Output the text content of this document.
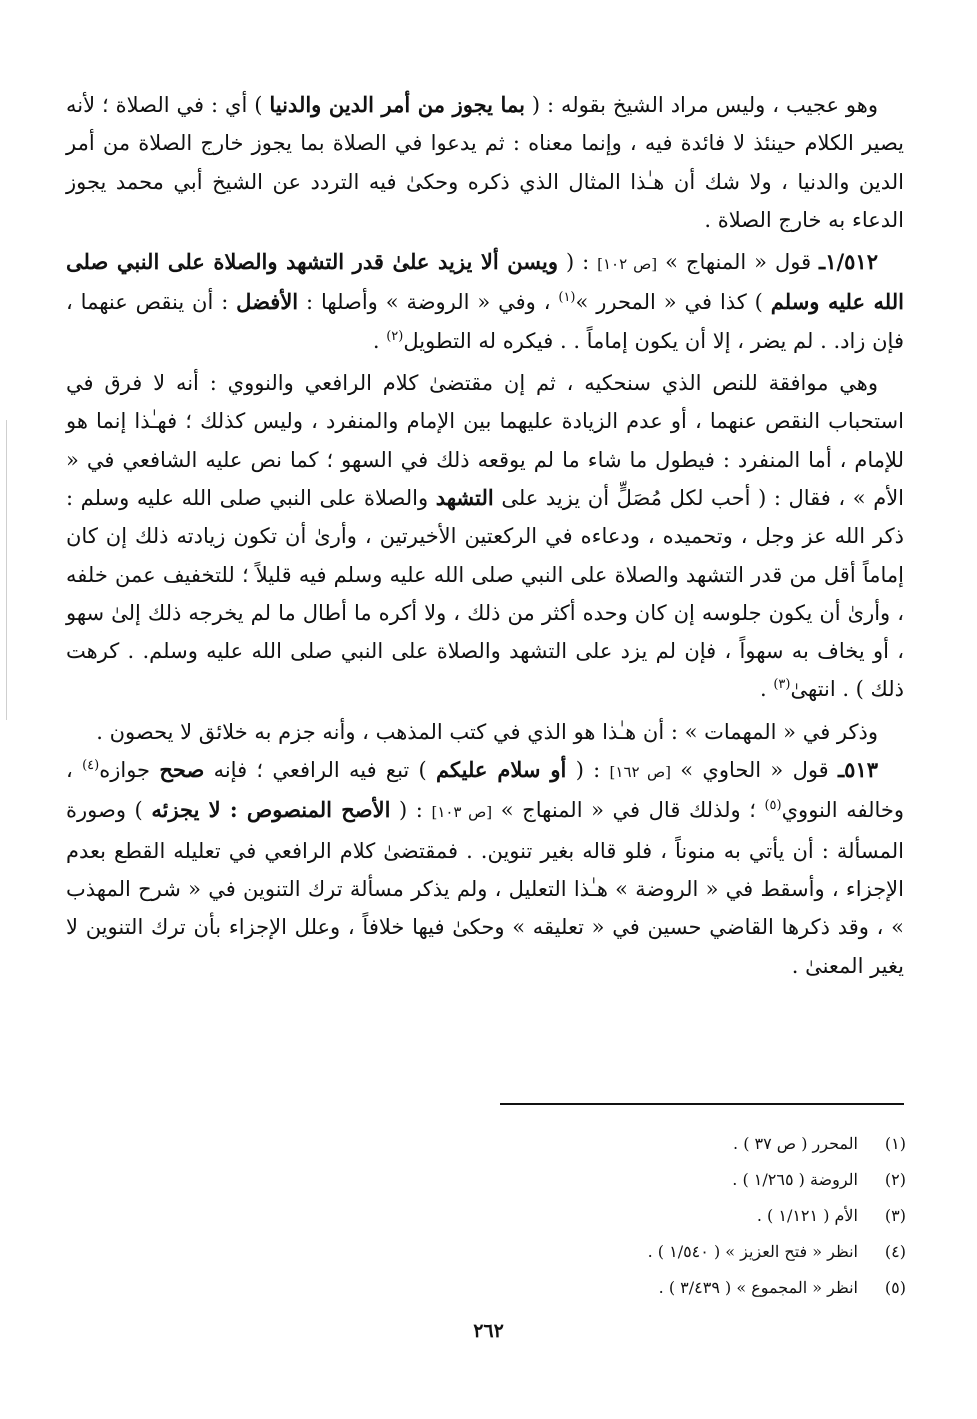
وهو عجيب ، وليس مراد الشيخ بقوله : ( بما يجوز من أمر الدين والدنيا ) أي : في الصلاة ؛ لأنه يصير الكلام حينئذ لا فائدة فيه ، وإنما معناه : ثم يدعوا في الصلاة بما يجوز خارج الصلاة من أمر الدين والدنيا ، ولا شك أن هـٰذا المثال الذي ذكره وحكىٰ فيه التردد عن الشيخ أبي محمد يجوز الدعاء به خارج الصلاة .

١/٥١٢ـ قول « المنهاج » [ص ١٠٢] : ( ويسن ألا يزيد علىٰ قدر التشهد والصلاة على النبي صلى الله عليه وسلم ) كذا في « المحرر »$^{(١)}$ ، وفي « الروضة » وأصلها : الأفضل : أن ينقص عنهما ، فإن زاد. . لم يضر ، إلا أن يكون إماماً . . فيكره له التطويل$^{(٢)}$ .

وهي موافقة للنص الذي سنحكيه ، ثم إن مقتضىٰ كلام الرافعي والنووي : أنه لا فرق في استحباب النقص عنهما ، أو عدم الزيادة عليهما بين الإمام والمنفرد ، وليس كذلك ؛ فهـٰذا إنما هو للإمام ، أما المنفرد : فيطول ما شاء ما لم يوقعه ذلك في السهو ؛ كما نص عليه الشافعي في « الأم » ، فقال : ( أحب لكل مُصَلٍّ أن يزيد على التشهد والصلاة على النبي صلى الله عليه وسلم : ذكر الله عز وجل ، وتحميده ، ودعاءه في الركعتين الأخيرتين ، وأرىٰ أن تكون زيادته ذلك إن كان إماماً أقل من قدر التشهد والصلاة على النبي صلى الله عليه وسلم فيه قليلاً ؛ للتخفيف عمن خلفه ، وأرىٰ أن يكون جلوسه إن كان وحده أكثر من ذلك ، ولا أكره ما أطال ما لم يخرجه ذلك إلىٰ سهو ، أو يخاف به سهواً ، فإن لم يزد على التشهد والصلاة على النبي صلى الله عليه وسلم. . كرهت ذلك ) . انتهىٰ$^{(٣)}$ .

وذكر في « المهمات » : أن هـٰذا هو الذي في كتب المذهب ، وأنه جزم به خلائق لا يحصون .

٥١٣ـ قول « الحاوي » [ص ١٦٢] : ( أو سلام عليكم ) تبع فيه الرافعي ؛ فإنه صحح جوازه$^{(٤)}$ ، وخالفه النووي$^{(٥)}$ ؛ ولذلك قال في « المنهاج » [ص ١٠٣] : ( الأصح المنصوص : لا يجزئه ) وصورة المسألة : أن يأتي به منوناً ، فلو قاله بغير تنوين. . فمقتضىٰ كلام الرافعي في تعليله القطع بعدم الإجزاء ، وأسقط في « الروضة » هـٰذا التعليل ، ولم يذكر مسألة ترك التنوين في « شرح المهذب » ، وقد ذكرها القاضي حسين في « تعليقه » وحكىٰ فيها خلافاً ، وعلل الإجزاء بأن ترك التنوين لا يغير المعنىٰ .

(١)
المحرر ( ص ٣٧ ) .
(٢)
الروضة ( ١/٢٦٥ ) .
(٣)
الأم ( ١/١٢١ ) .
(٤)
انظر « فتح العزيز » ( ١/٥٤٠ ) .
(٥)
انظر « المجموع » ( ٣/٤٣٩ ) .
٢٦٢
